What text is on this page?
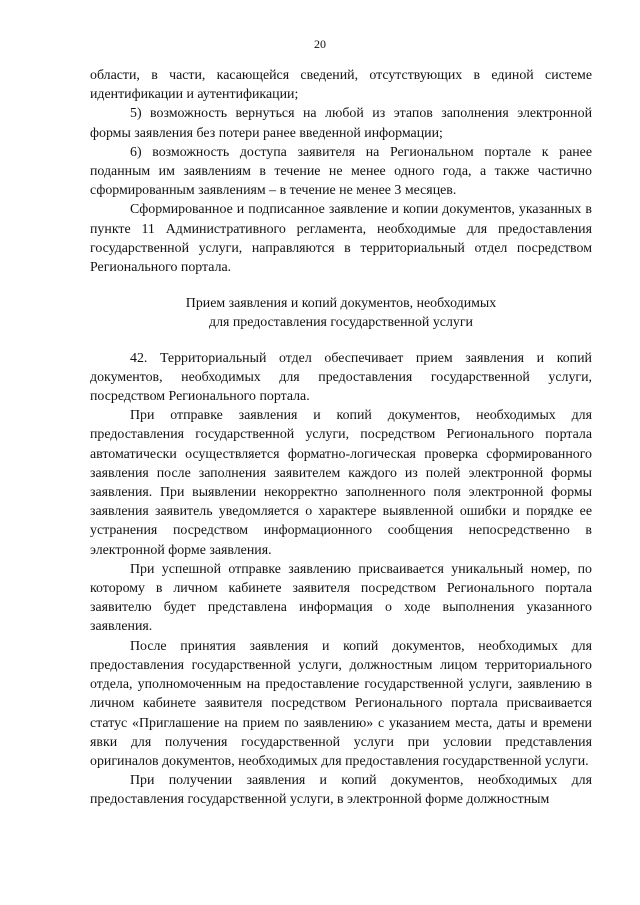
20

области, в части, касающейся сведений, отсутствующих в единой системе идентификации и аутентификации;

5) возможность вернуться на любой из этапов заполнения электронной формы заявления без потери ранее введенной информации;

6) возможность доступа заявителя на Региональном портале к ранее поданным им заявлениям в течение не менее одного года, а также частично сформированным заявлениям – в течение не менее 3 месяцев.

Сформированное и подписанное заявление и копии документов, указанных в пункте 11 Административного регламента, необходимые для предоставления государственной услуги, направляются в территориальный отдел посредством Регионального портала.

Прием заявления и копий документов, необходимых

для предоставления государственной услуги

42. Территориальный отдел обеспечивает прием заявления и копий документов, необходимых для предоставления государственной услуги, посредством Регионального портала.

При отправке заявления и копий документов, необходимых для предоставления государственной услуги, посредством Регионального портала автоматически осуществляется форматно-логическая проверка сформированного заявления после заполнения заявителем каждого из полей электронной формы заявления. При выявлении некорректно заполненного поля электронной формы заявления заявитель уведомляется о характере выявленной ошибки и порядке ее устранения посредством информационного сообщения непосредственно в электронной форме заявления.

При успешной отправке заявлению присваивается уникальный номер, по которому в личном кабинете заявителя посредством Регионального портала заявителю будет представлена информация о ходе выполнения указанного заявления.

После принятия заявления и копий документов, необходимых для предоставления государственной услуги, должностным лицом территориального отдела, уполномоченным на предоставление государственной услуги, заявлению в личном кабинете заявителя посредством Регионального портала присваивается статус «Приглашение на прием по заявлению» с указанием места, даты и времени явки для получения государственной услуги при условии представления оригиналов документов, необходимых для предоставления государственной услуги.

При получении заявления и копий документов, необходимых для предоставления государственной услуги, в электронной форме должностным
